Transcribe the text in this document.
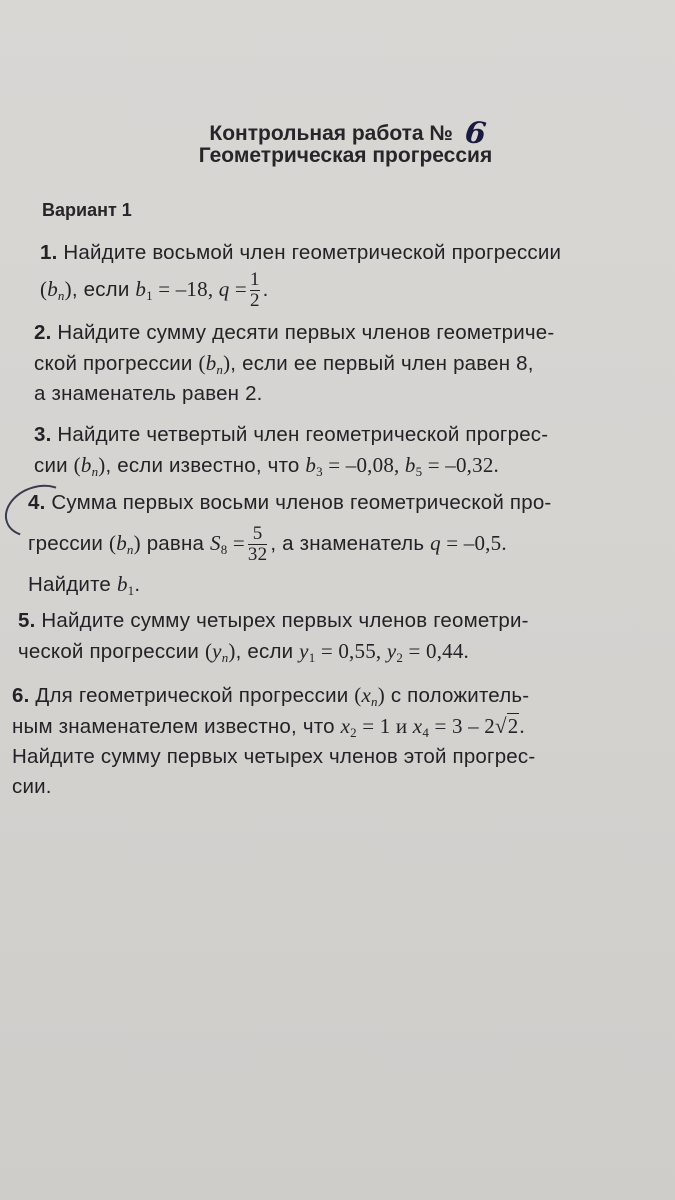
Контрольная работа № 6
Геометрическая прогрессия
Вариант 1
1. Найдите восьмой член геометрической прогрессии
$(b_n)$, если $b_1 = -18$, $q = \frac{1}{2}$ .
2. Найдите сумму десяти первых членов геометриче-
ской прогрессии $(b_n)$, если ее первый член равен 8,
а знаменатель равен 2.
3. Найдите четвертый член геометрической прогрес-
сии $(b_n)$, если известно, что $b_3 = -0,08$, $b_5 = -0,32$.
4. Сумма первых восьми членов геометрической про-
грессии $(b_n)$ равна $S_8 = \frac{5}{32}$ , а знаменатель q = –0,5.
Найдите $b_1$.
5. Найдите сумму четырех первых членов геометри-
ческой прогрессии $(y_n)$, если $y_1 = 0,55$, $y_2 = 0,44$.
6. Для геометрической прогрессии $(x_n)$ с положитель-
ным знаменателем известно, что $x_2 = 1$ и $x_4 = 3 - 2√2$.
Найдите сумму первых четырех членов этой прогрес-
сии.
